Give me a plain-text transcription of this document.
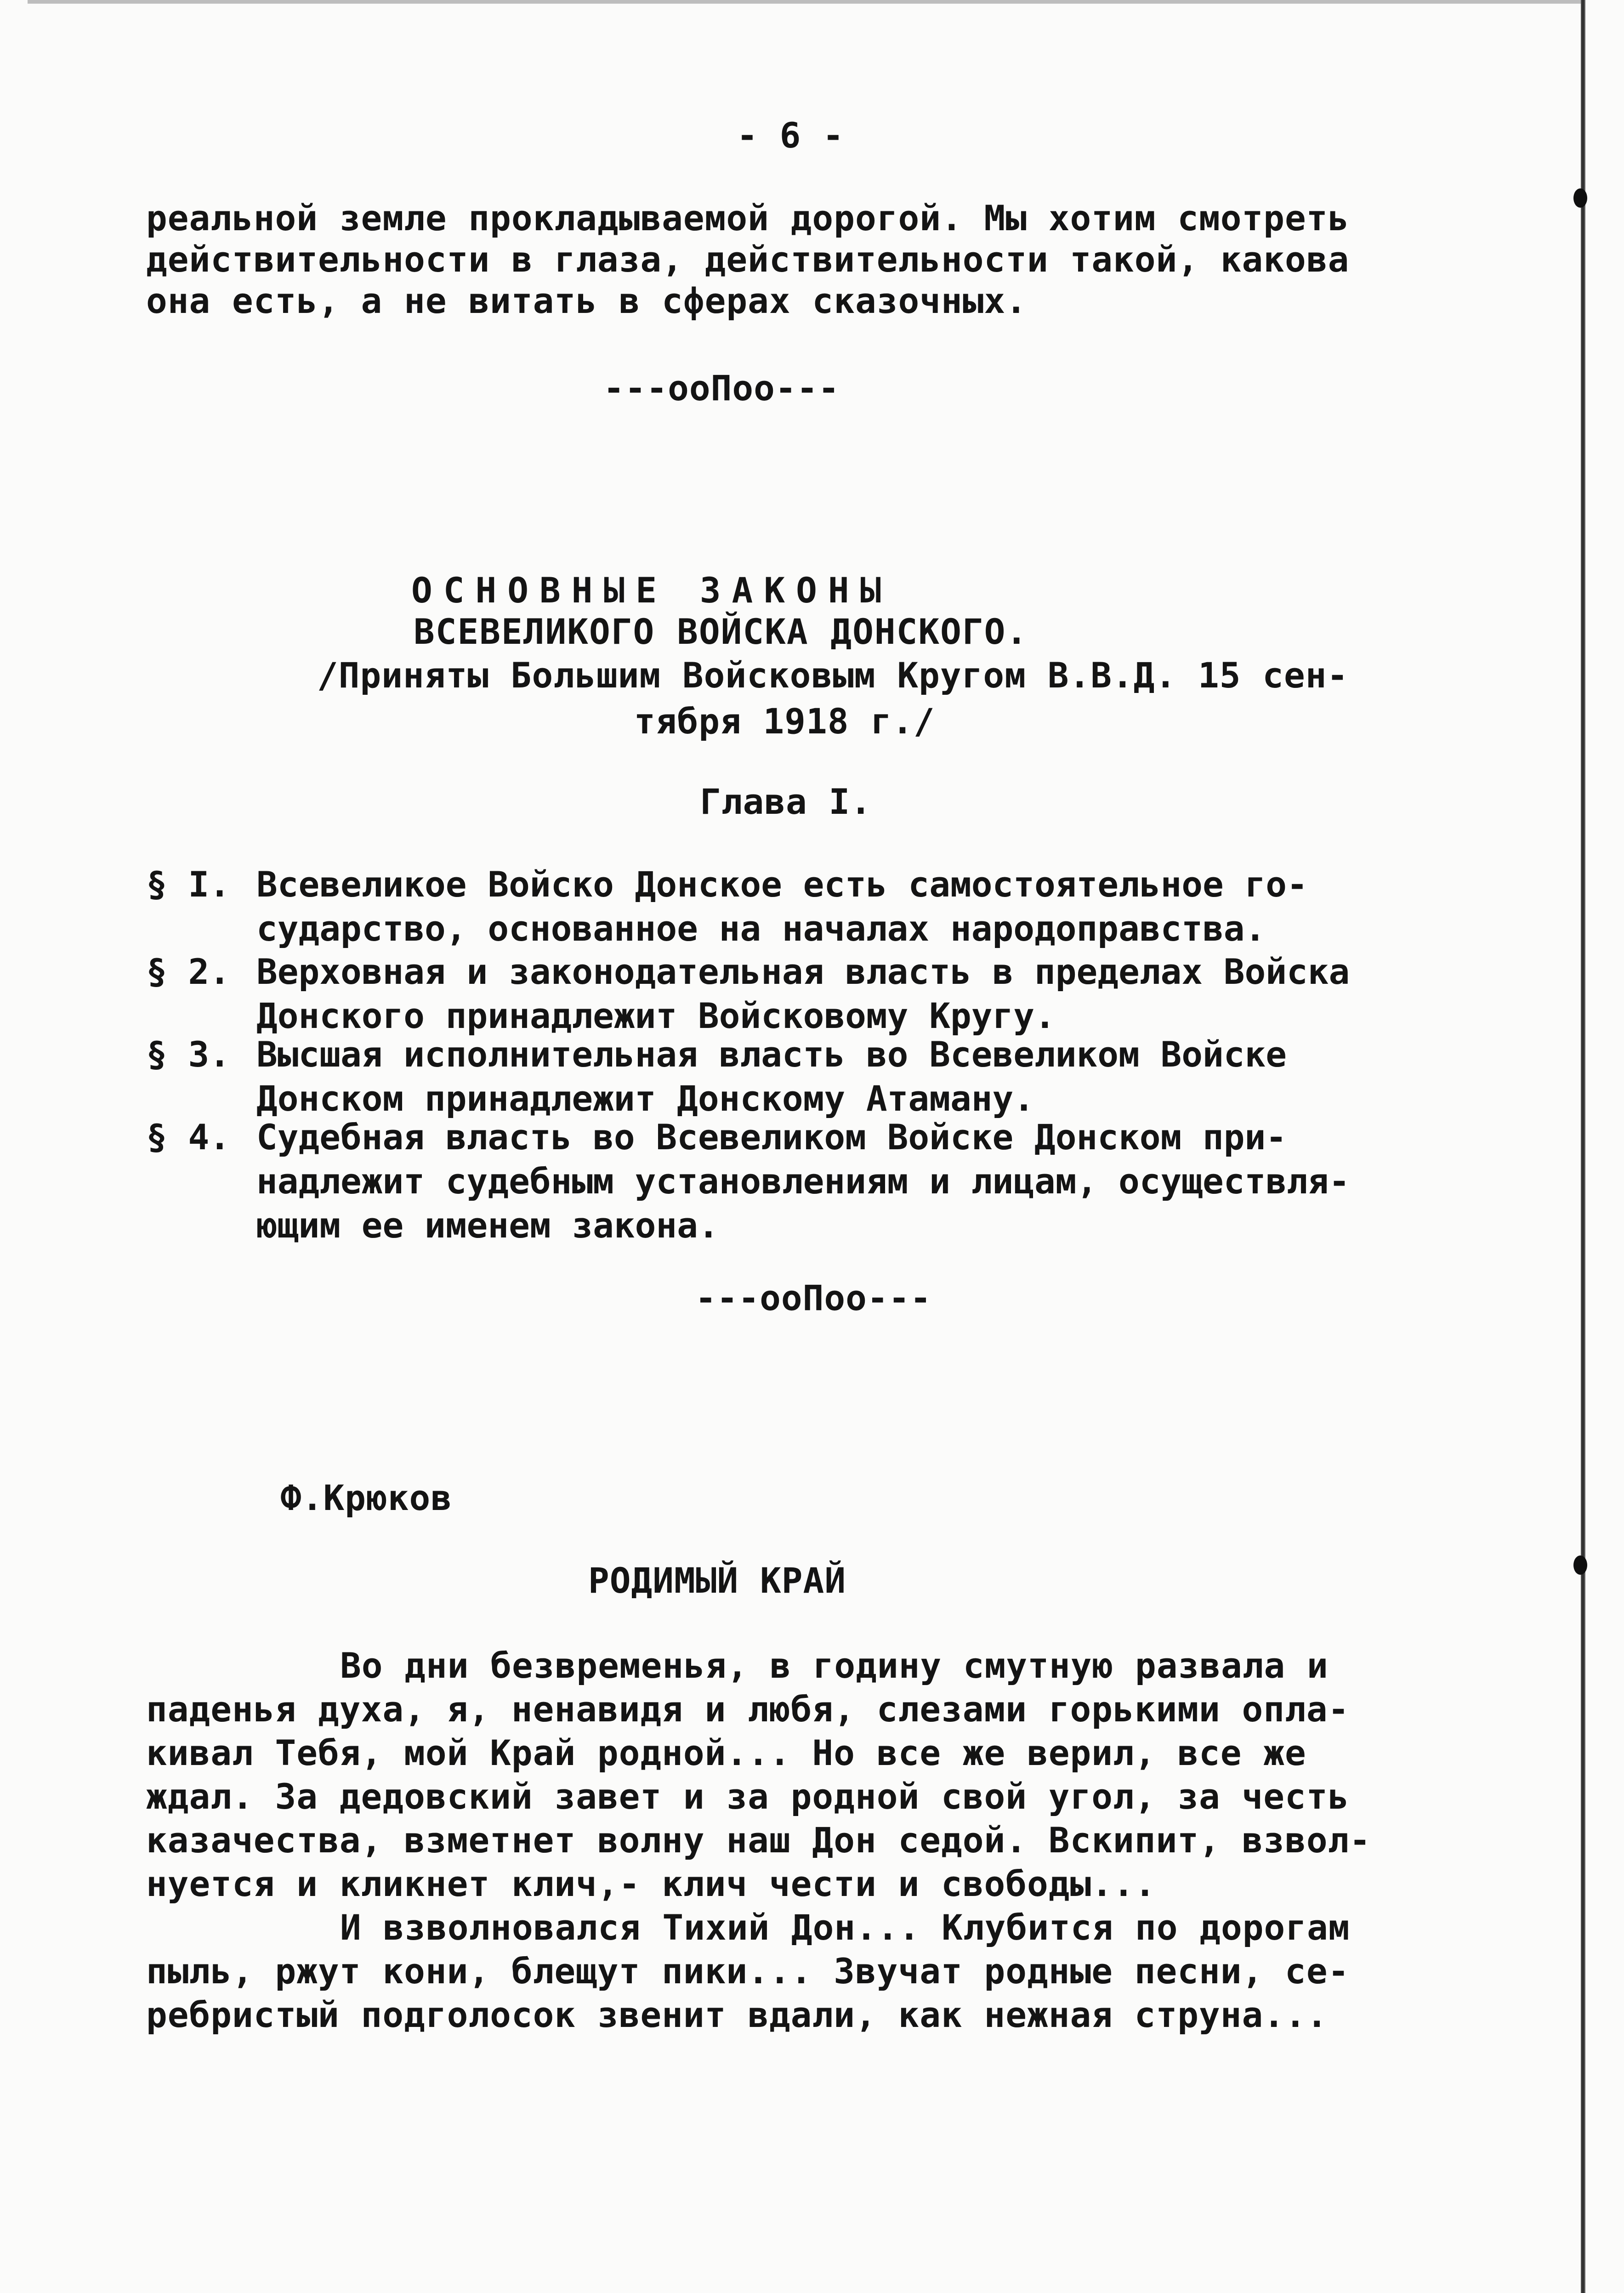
- 6 -

реальной земле прокладываемой дорогой. Мы хотим смотреть

действительности в глаза, действительности такой, какова

она есть, а не витать в сферах сказочных.

---ооПоо---

ОСНОВНЫЕ ЗАКОНЫ

ВСЕВЕЛИКОГО ВОЙСКА ДОНСКОГО.

/Приняты Большим Войсковым Кругом В.В.Д. 15 сен-

тября 1918 г./

Глава I.

§ I. Всевеликое Войско Донское есть самостоятельное го-
сударство, основанное на началах народоправства.
§ 2. Верховная и законодательная власть в пределах Войска
Донского принадлежит Войсковому Кругу.
§ 3. Высшая исполнительная власть во Всевеликом Войске
Донском принадлежит Донскому Атаману.
§ 4. Судебная власть во Всевеликом Войске Донском при-
надлежит судебным установлениям и лицам, осуществля-
ющим ее именем закона.

---ооПоо---

Ф.Крюков

РОДИМЫЙ КРАЙ

Во дни безвременья, в годину смутную развала и

паденья духа, я, ненавидя и любя, слезами горькими опла-

кивал Тебя, мой Край родной... Но все же верил, все же

ждал. За дедовский завет и за родной свой угол, за честь

казачества, взметнет волну наш Дон седой. Вскипит, взвол-

нуется и кликнет клич,- клич чести и свободы...

И взволновался Тихий Дон... Клубится по дорогам

пыль, ржут кони, блещут пики... Звучат родные песни, се-

ребристый подголосок звенит вдали, как нежная струна...
